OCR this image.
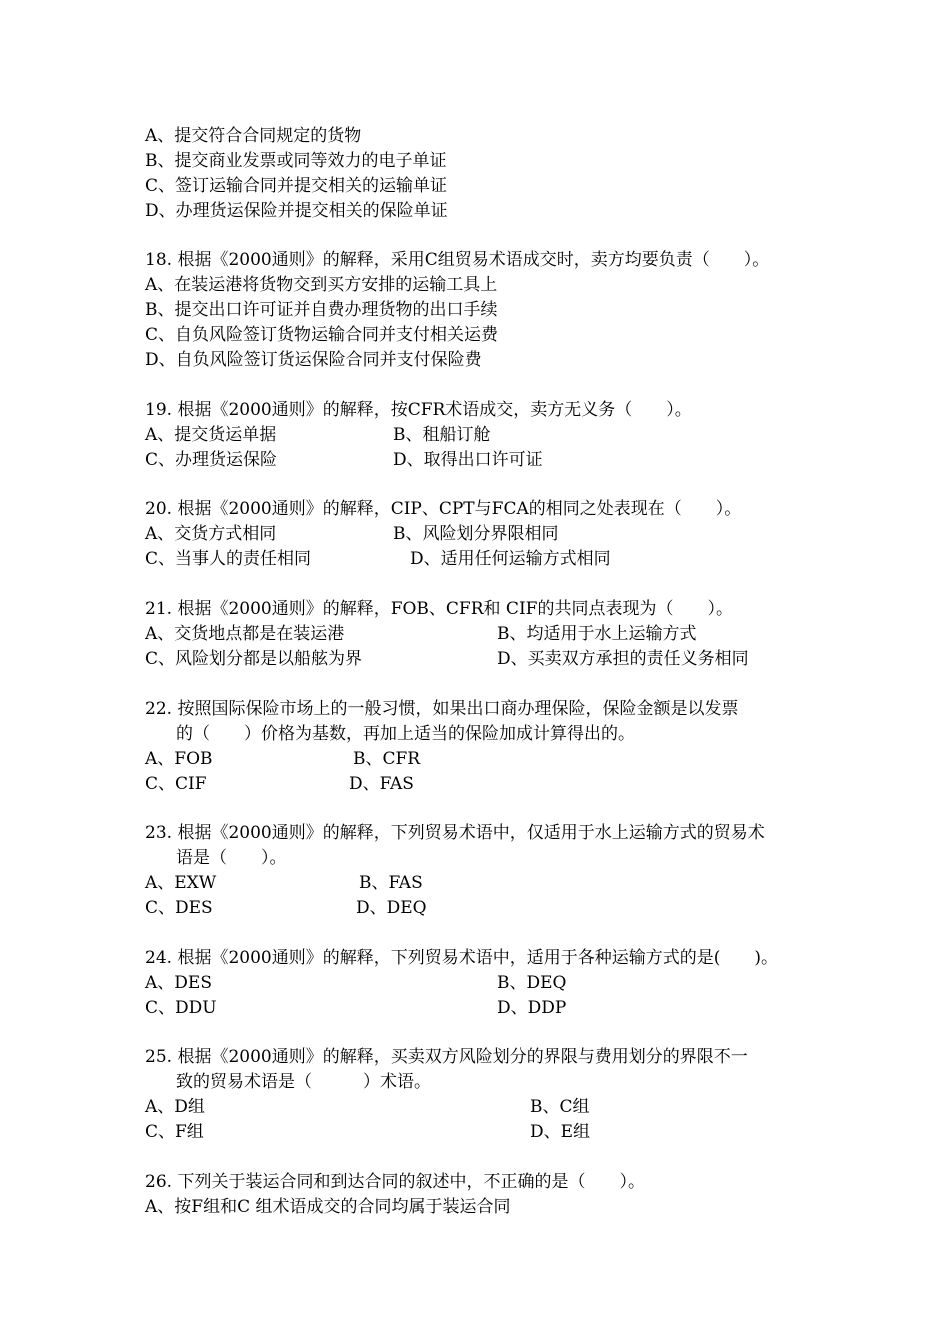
A、提交符合合同规定的货物
B、提交商业发票或同等效力的电子单证
C、签订运输合同并提交相关的运输单证
D、办理货运保险并提交相关的保险单证
18. 根据《2000通则》的解释，采用C组贸易术语成交时，卖方均要负责（　　）。
A、在装运港将货物交到买方安排的运输工具上
B、提交出口许可证并自费办理货物的出口手续
C、自负风险签订货物运输合同并支付相关运费
D、自负风险签订货运保险合同并支付保险费
19. 根据《2000通则》的解释，按CFR术语成交，卖方无义务（　　）。
A、提交货运单据	B、租船订舱
C、办理货运保险	D、取得出口许可证
20. 根据《2000通则》的解释，CIP、CPT与FCA的相同之处表现在（　　）。
A、交货方式相同	B、风险划分界限相同
C、当事人的责任相同	D、适用任何运输方式相同
21. 根据《2000通则》的解释，FOB、CFR和 CIF的共同点表现为（　　）。
A、交货地点都是在装运港	B、均适用于水上运输方式
C、风险划分都是以船舷为界	D、买卖双方承担的责任义务相同
22. 按照国际保险市场上的一般习惯，如果出口商办理保险，保险金额是以发票
的（　　）价格为基数，再加上适当的保险加成计算得出的。
A、FOB	B、CFR
C、CIF	D、FAS
23. 根据《2000通则》的解释，下列贸易术语中，仅适用于水上运输方式的贸易术
语是（　　）。
A、EXW	B、FAS
C、DES	D、DEQ
24. 根据《2000通则》的解释，下列贸易术语中，适用于各种运输方式的是(　　)。
A、DES	B、DEQ
C、DDU	D、DDP
25. 根据《2000通则》的解释，买卖双方风险划分的界限与费用划分的界限不一
致的贸易术语是（　　　）术语。
A、D组	B、C组
C、F组	D、E组
26. 下列关于装运合同和到达合同的叙述中，不正确的是（　　）。
A、按F组和C 组术语成交的合同均属于装运合同
